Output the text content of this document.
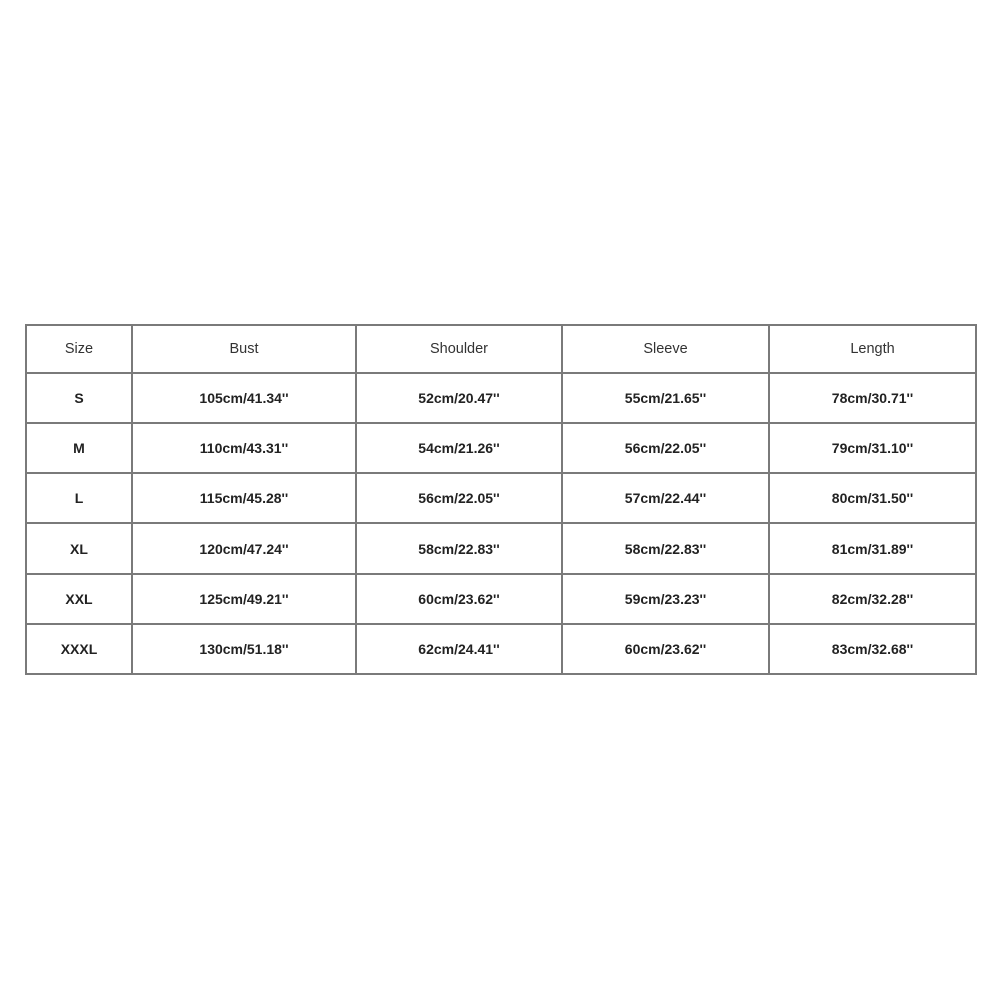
Size	Bust	Shoulder	Sleeve	Length
S	105cm/41.34''	52cm/20.47''	55cm/21.65''	78cm/30.71''
M	110cm/43.31''	54cm/21.26''	56cm/22.05''	79cm/31.10''
L	115cm/45.28''	56cm/22.05''	57cm/22.44''	80cm/31.50''
XL	120cm/47.24''	58cm/22.83''	58cm/22.83''	81cm/31.89''
XXL	125cm/49.21''	60cm/23.62''	59cm/23.23''	82cm/32.28''
XXXL	130cm/51.18''	62cm/24.41''	60cm/23.62''	83cm/32.68''
